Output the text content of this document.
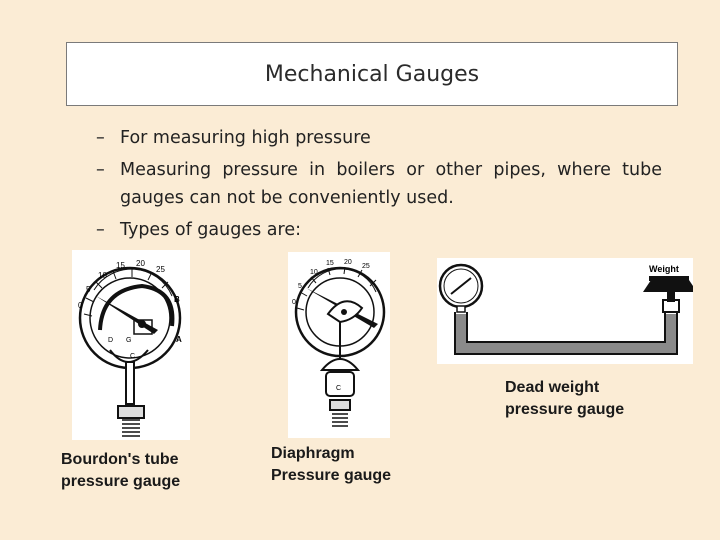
Mechanical Gauges
– For measuring high pressure
– Measuring pressure in boilers or other pipes, where tube gauges can not be conveniently used.
– Types of gauges are:
0
5
10
15 20
25
B
A
D G
C
Bourdon's tube
pressure gauge
0
5
10
15 20
25
C
Diaphragm
Pressure gauge
Weight
Dead weight
pressure gauge
